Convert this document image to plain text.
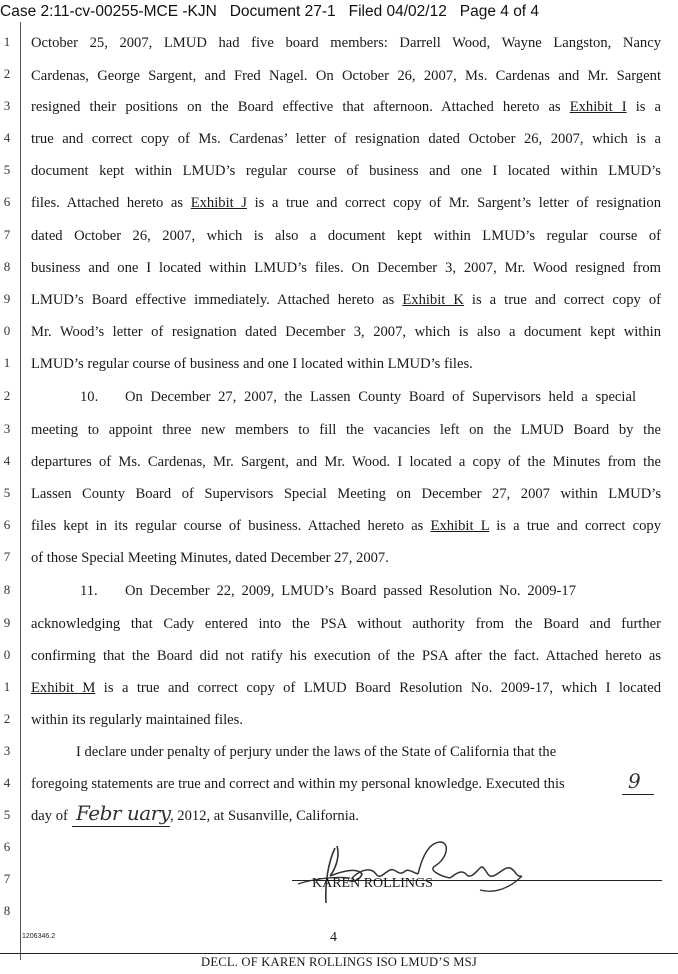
Case 2:11-cv-00255-MCE -KJN   Document 27-1   Filed 04/02/12   Page 4 of 4

1
2
3
4
5
6
7
8
9
0
1
2
3
4
5
6
7
8
9
0
1
2
3
4
5
6
7
8
October 25, 2007, LMUD had five board members: Darrell Wood, Wayne Langston, Nancy
Cardenas, George Sargent, and Fred Nagel. On October 26, 2007, Ms. Cardenas and Mr. Sargent
resigned their positions on the Board effective that afternoon. Attached hereto as Exhibit I is a
true and correct copy of Ms. Cardenas’ letter of resignation dated October 26, 2007, which is a
document kept within LMUD’s regular course of business and one I located within LMUD’s
files. Attached hereto as Exhibit J is a true and correct copy of Mr. Sargent’s letter of resignation
dated October 26, 2007, which is also a document kept within LMUD’s regular course of
business and one I located within LMUD’s files. On December 3, 2007, Mr. Wood resigned from
LMUD’s Board effective immediately. Attached hereto as Exhibit K is a true and correct copy of
Mr. Wood’s letter of resignation dated December 3, 2007, which is also a document kept within
LMUD’s regular course of business and one I located within LMUD’s files.
10.	On December 27, 2007, the Lassen County Board of Supervisors held a special
meeting to appoint three new members to fill the vacancies left on the LMUD Board by the
departures of Ms. Cardenas, Mr. Sargent, and Mr. Wood. I located a copy of the Minutes from the
Lassen County Board of Supervisors Special Meeting on December 27, 2007 within LMUD’s
files kept in its regular course of business. Attached hereto as Exhibit L is a true and correct copy
of those Special Meeting Minutes, dated December 27, 2007.
11.	On December 22, 2009, LMUD’s Board passed Resolution No. 2009-17
acknowledging that Cady entered into the PSA without authority from the Board and further
confirming that the Board did not ratify his execution of the PSA after the fact. Attached hereto as
Exhibit M is a true and correct copy of LMUD Board Resolution No. 2009-17, which I located
within its regularly maintained files.
I declare under penalty of perjury under the laws of the State of California that the
foregoing statements are true and correct and within my personal knowledge. Executed this	9
day of Febr uary , 2012, at Susanville, California.
KAREN ROLLINGS
1206346.2	4
DECL. OF KAREN ROLLINGS ISO LMUD’S MSJ
